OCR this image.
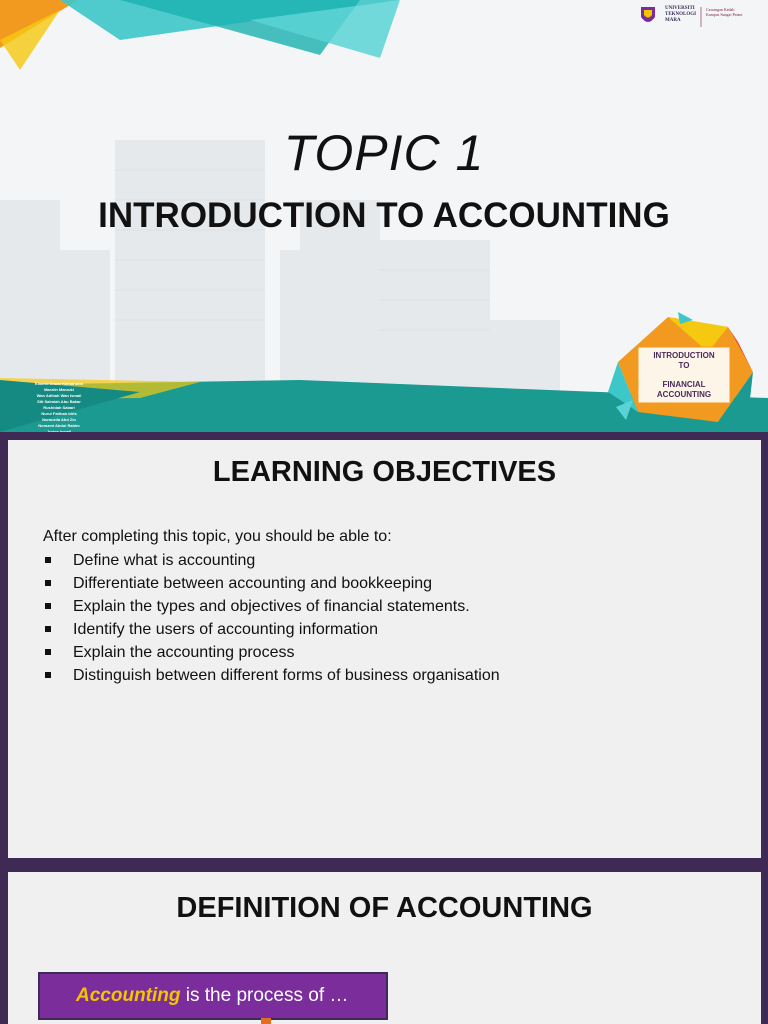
UNIVERSITI
TEKNOLOGI
MARA
Cawangan Kedah
Kampus Sungai Petani
TOPIC 1
INTRODUCTION TO ACCOUNTING
Khairul Anuar Kamarudin
Marziin Marzuki
Wan Adibah Wan Ismail
Siti Salmiah Abu Bakar
Rushidah Sabari
Nurul Fatihah Idris
Nursuzila Abd Zin
Norazmi Abdul Rahim
Jurina Ismail
INTRODUCTION
TO
FINANCIAL
ACCOUNTING
LEARNING OBJECTIVES
After completing this topic, you should be able to:
Define what is accounting
Differentiate between accounting and bookkeeping
Explain the types and objectives of financial statements.
Identify the users of accounting information
Explain the accounting process
Distinguish between different forms of business organisation
DEFINITION OF ACCOUNTING
Accounting is the process of …
